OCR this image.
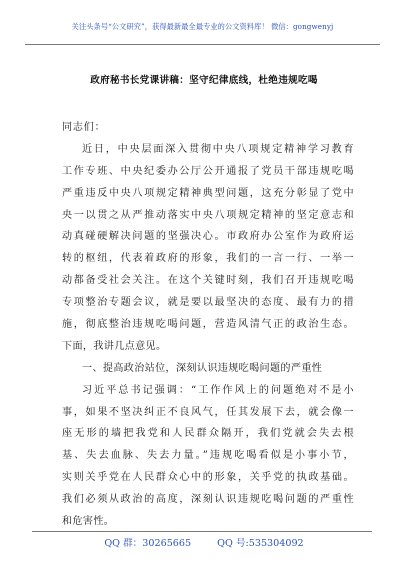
关注头条号“公文研究”，获得最新最全最专业的公文资料库！ 微信：gongwenyj
政府秘书长党课讲稿：坚守纪律底线，杜绝违规吃喝
同志们：
近日，中央层面深入贯彻中央八项规定精神学习教育
工作专班、中央纪委办公厅公开通报了党员干部违规吃喝
严重违反中央八项规定精神典型问题，这充分彰显了党中
央一以贯之从严推动落实中央八项规定精神的坚定意志和
动真碰硬解决问题的坚强决心。市政府办公室作为政府运
转的枢纽，代表着政府的形象，我们的一言一行、一举一
动都备受社会关注。在这个关键时刻，我们召开违规吃喝
专项整治专题会议，就是要以最坚决的态度、最有力的措
施，彻底整治违规吃喝问题，营造风清气正的政治生态。
下面，我讲几点意见。
一、提高政治站位，深刻认识违规吃喝问题的严重性
习近平总书记强调：“工作作风上的问题绝对不是小
事，如果不坚决纠正不良风气，任其发展下去，就会像一
座无形的墙把我党和人民群众隔开，我们党就会失去根
基、失去血脉、失去力量。”违规吃喝看似是小事小节，
实则关乎党在人民群众心中的形象，关乎党的执政基础。
我们必须从政治的高度，深刻认识违规吃喝问题的严重性
和危害性。
QQ 群：30265665	QQ 号:535304092
